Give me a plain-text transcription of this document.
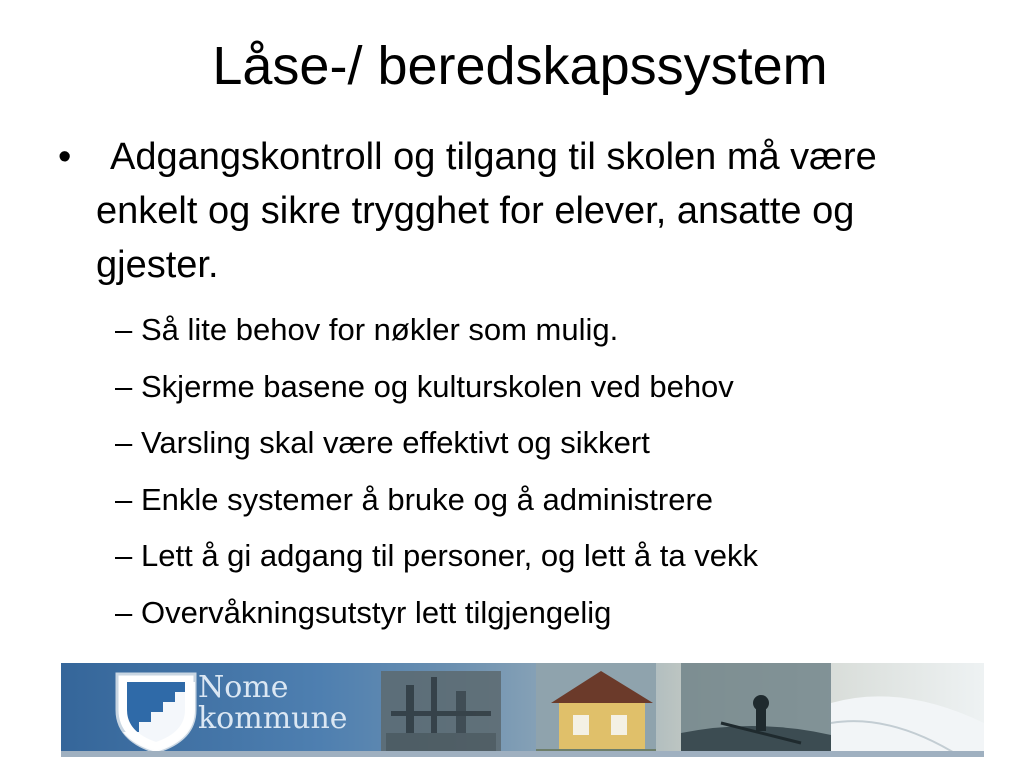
Låse-/ beredskapssystem
•	Adgangskontroll og tilgang til skolen må være enkelt og sikre trygghet for elever, ansatte og gjester.
– Så lite behov for nøkler som mulig.
– Skjerme basene og kulturskolen ved behov
– Varsling skal være effektivt og sikkert
– Enkle systemer å bruke og å administrere
– Lett å gi adgang til personer, og lett å ta vekk
– Overvåkningsutstyr lett tilgjengelig
Nome
kommune
